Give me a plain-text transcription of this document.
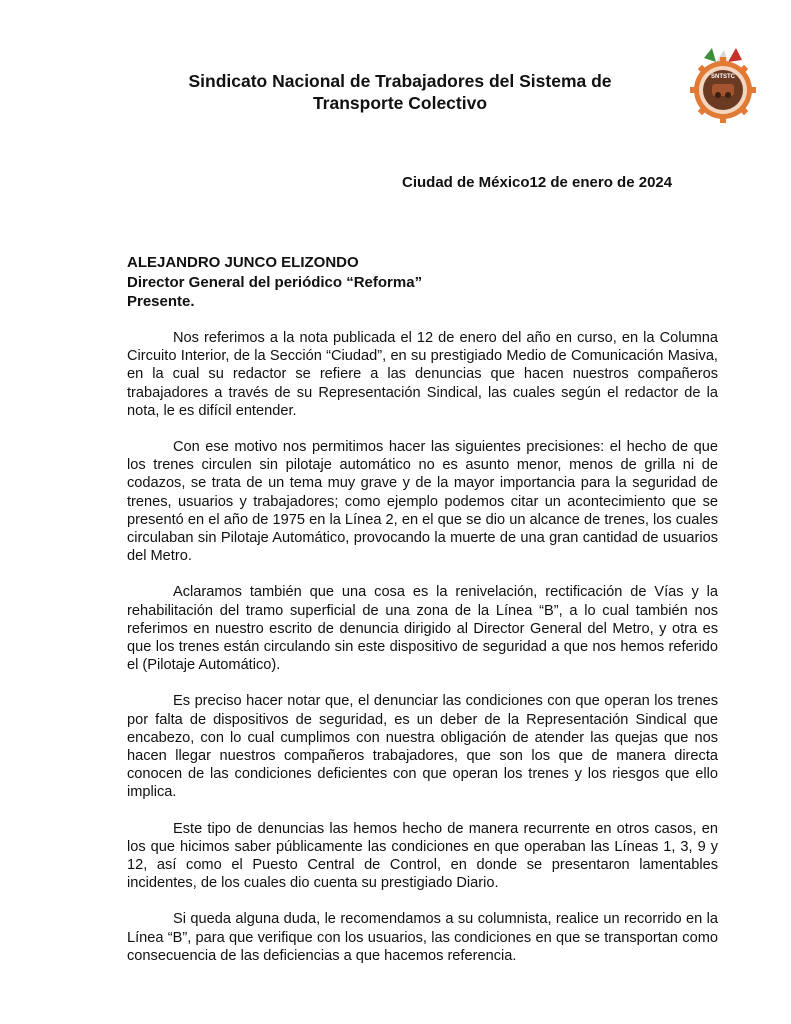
Sindicato Nacional de Trabajadores del Sistema de
Transporte Colectivo
SNTSTC
Ciudad de México12 de enero de 2024
ALEJANDRO JUNCO ELIZONDO
Director General del periódico “Reforma”
Presente.

Nos referimos a la nota publicada el 12 de enero del año en curso, en la Columna Circuito Interior, de la Sección “Ciudad”, en su prestigiado Medio de Comunicación Masiva, en la cual su redactor se refiere a las denuncias que hacen nuestros compañeros trabajadores a través de su Representación Sindical, las cuales según el redactor de la nota, le es difícil entender.

Con ese motivo nos permitimos hacer las siguientes precisiones: el hecho de que los trenes circulen sin pilotaje automático no es asunto menor, menos de grilla ni de codazos, se trata de un tema muy grave y de la mayor importancia para la seguridad de trenes, usuarios y trabajadores; como ejemplo podemos citar un acontecimiento que se presentó en el año de 1975 en la Línea 2, en el que se dio un alcance de trenes, los cuales circulaban sin Pilotaje Automático, provocando la muerte de una gran cantidad de usuarios del Metro.

Aclaramos también que una cosa es la renivelación, rectificación de Vías y la rehabilitación del tramo superficial de una zona de la Línea “B”, a lo cual también nos referimos en nuestro escrito de denuncia dirigido al Director General del Metro, y otra es que los trenes están circulando sin este dispositivo de seguridad a que nos hemos referido el (Pilotaje Automático).

Es preciso hacer notar que, el denunciar las condiciones con que operan los trenes por falta de dispositivos de seguridad, es un deber de la Representación Sindical que encabezo, con lo cual cumplimos con nuestra obligación de atender las quejas que nos hacen llegar nuestros compañeros trabajadores, que son los que de manera directa conocen de las condiciones deficientes con que operan los trenes y los riesgos que ello implica.

Este tipo de denuncias las hemos hecho de manera recurrente en otros casos, en los que hicimos saber públicamente las condiciones en que operaban las Líneas 1, 3, 9 y 12, así como el Puesto Central de Control, en donde se presentaron lamentables incidentes, de los cuales dio cuenta su prestigiado Diario.

Si queda alguna duda, le recomendamos a su columnista, realice un recorrido en la Línea “B”, para que verifique con los usuarios, las condiciones en que se transportan como consecuencia de las deficiencias a que hacemos referencia.
